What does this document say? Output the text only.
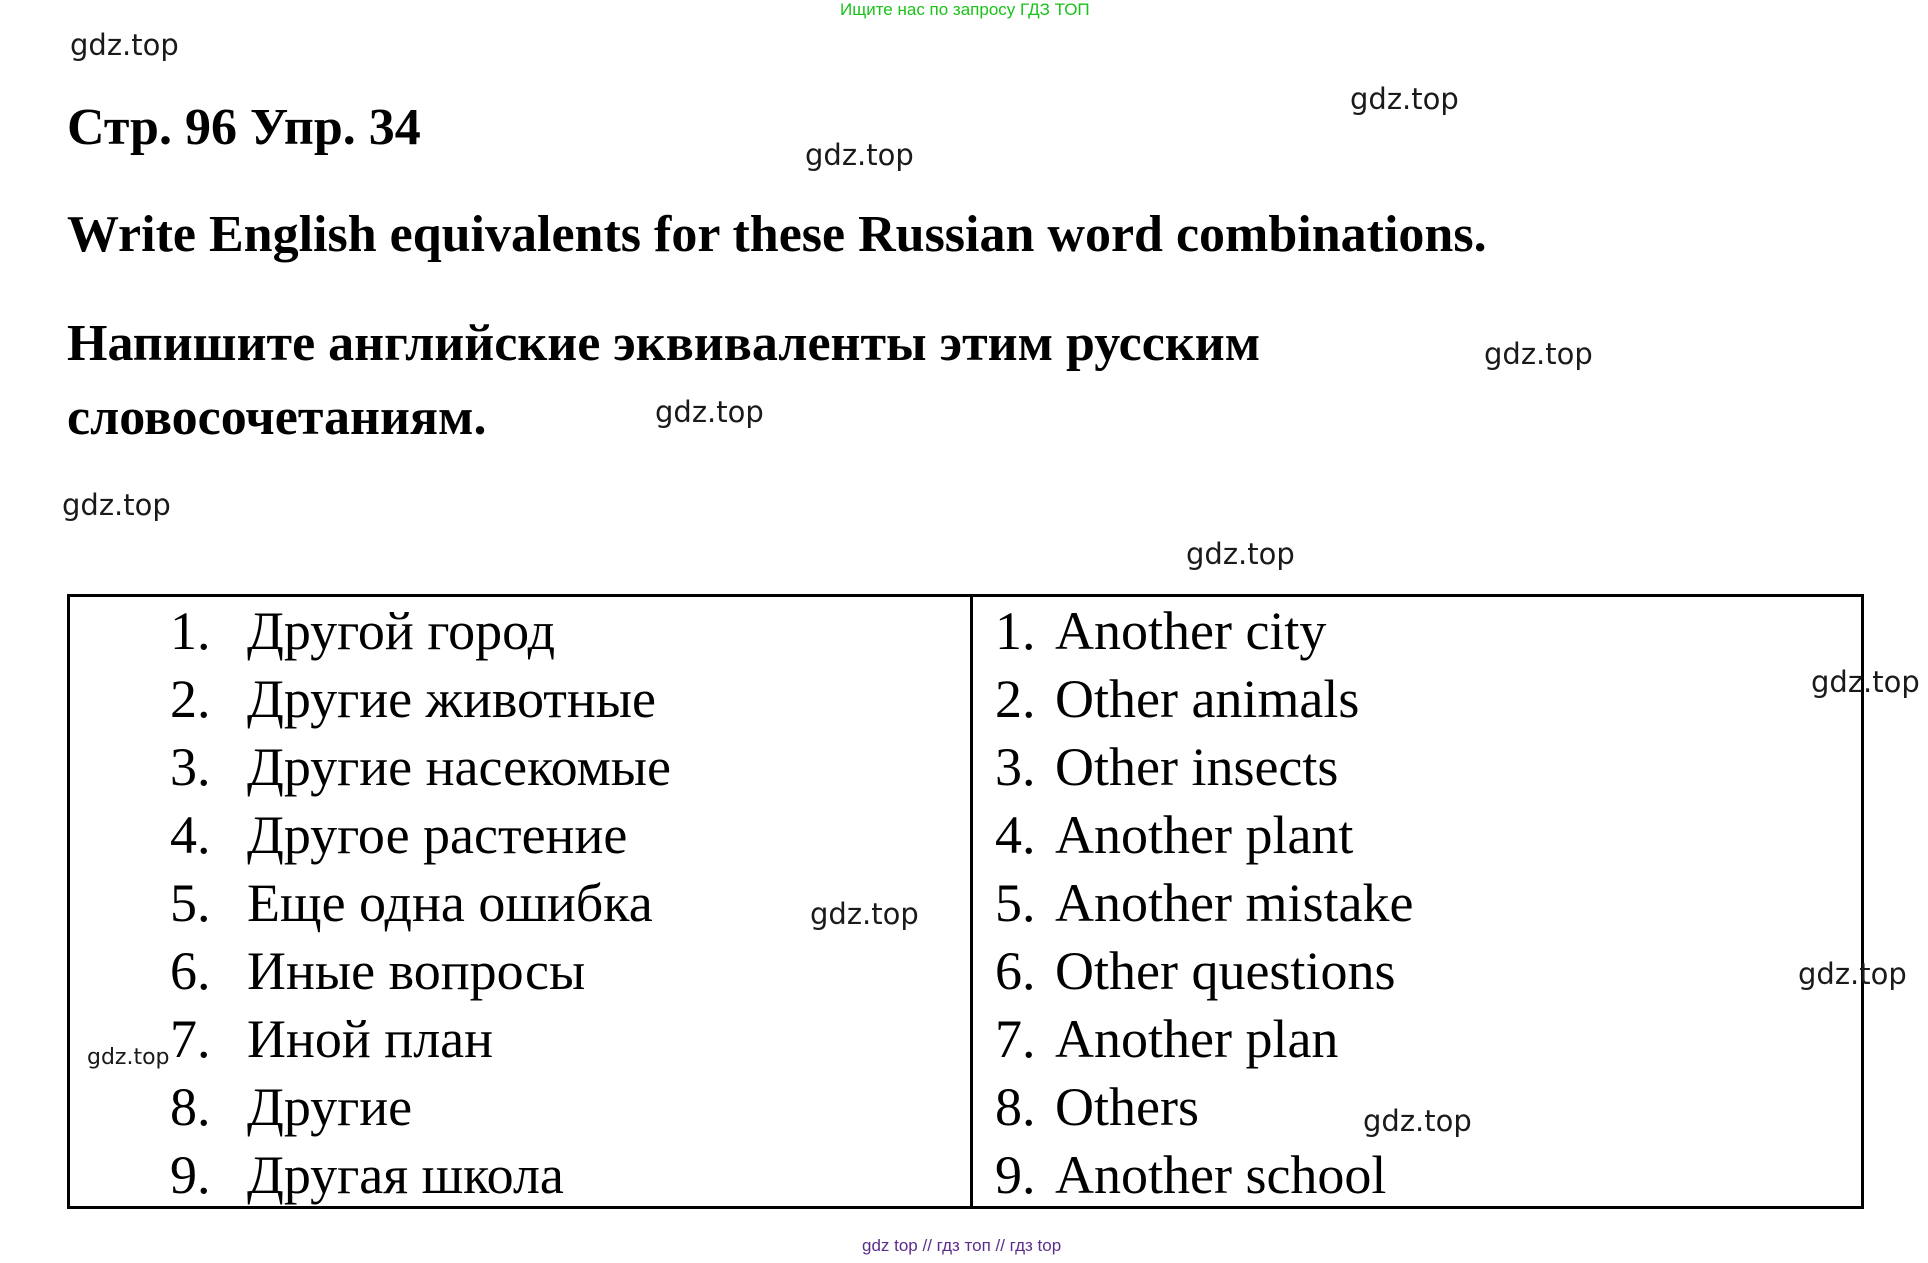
Ищите нас по запросу ГДЗ ТОП
gdz.top
gdz.top
gdz.top
gdz.top
gdz.top
gdz.top
gdz.top
Стр. 96 Упр. 34
Write English equivalents for these Russian word combinations.
Напишите английские эквиваленты этим русским
словосочетаниям.
1. Другой город
2. Другие животные
3. Другие насекомые
4. Другое растение
5. Еще одна ошибка
6. Иные вопросы
7. Иной план
8. Другие
9. Другая школа
gdz.top
gdz.top
1. Another city
2. Other animals
3. Other insects
4. Another plant
5. Another mistake
6. Other questions
7. Another plan
8. Others
9. Another school
gdz.top
gdz.top
gdz.top
gdz top // гдз топ // гдз top
